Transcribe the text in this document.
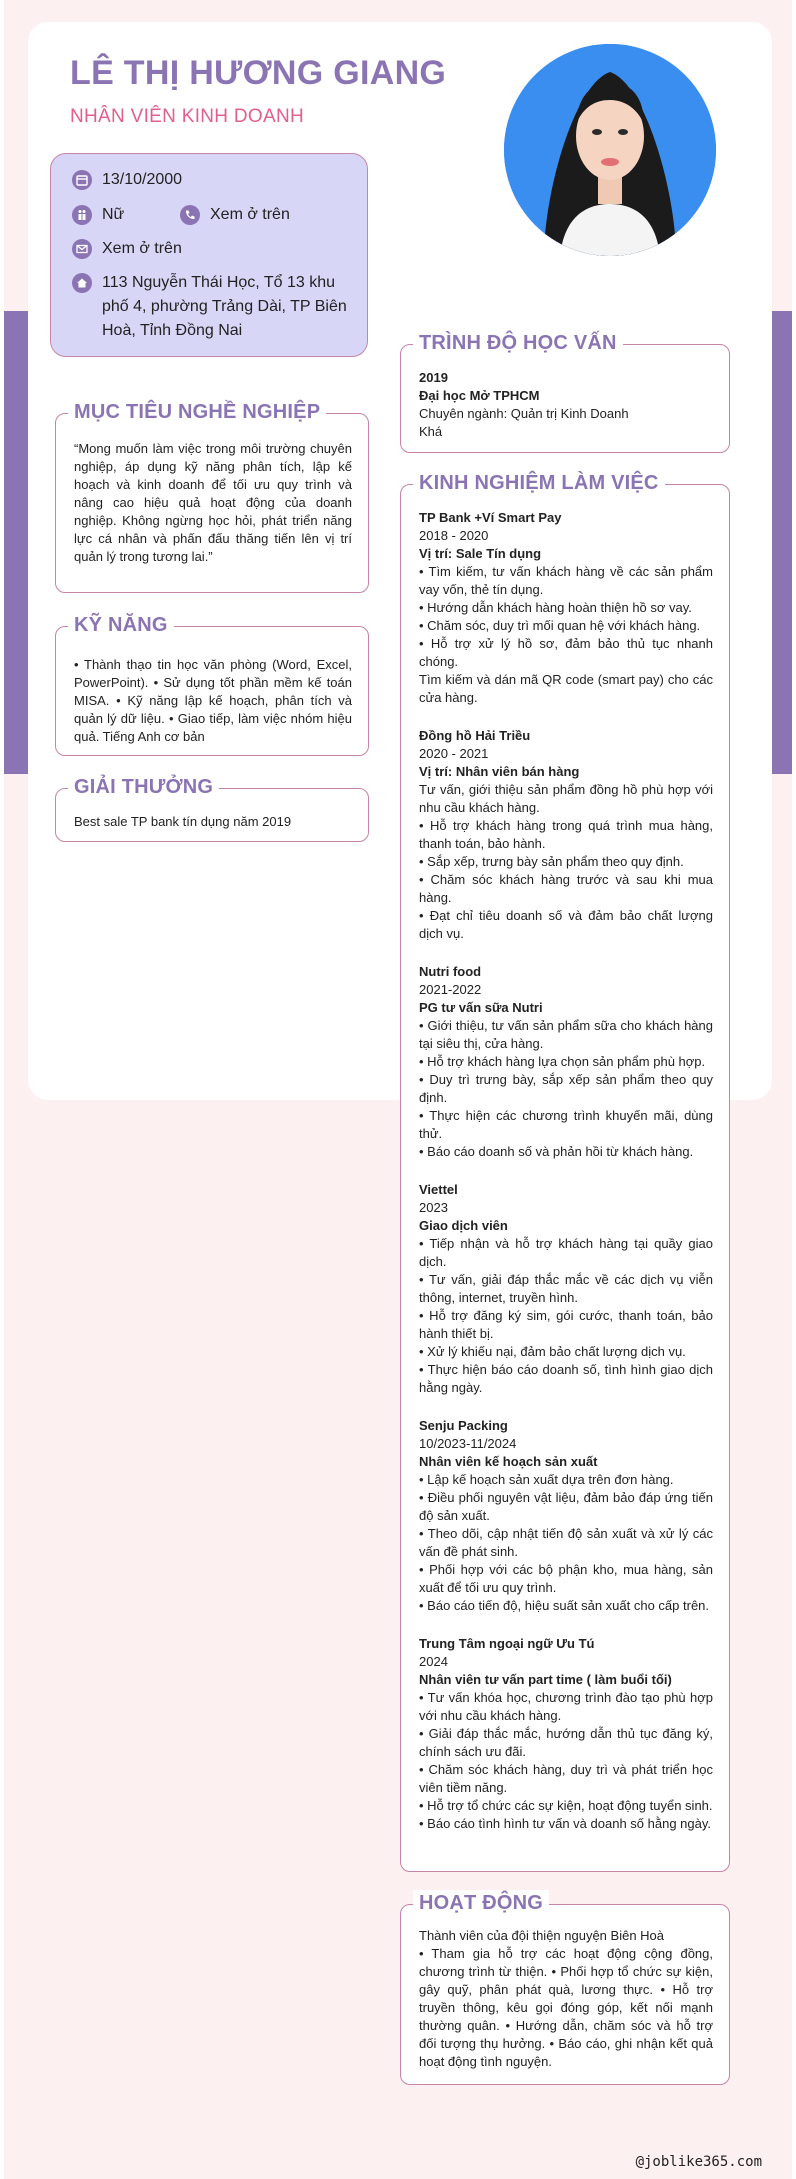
LÊ THỊ HƯƠNG GIANG
NHÂN VIÊN KINH DOANH
13/10/2000
Nữ	Xem ở trên
Xem ở trên
113 Nguyễn Thái Học, Tổ 13 khu phố 4, phường Trảng Dài, TP Biên Hoà, Tỉnh Đồng Nai
MỤC TIÊU NGHỀ NGHIỆP
“Mong muốn làm việc trong môi trường chuyên nghiệp, áp dụng kỹ năng phân tích, lập kế hoạch và kinh doanh để tối ưu quy trình và nâng cao hiệu quả hoạt động của doanh nghiệp. Không ngừng học hỏi, phát triển năng lực cá nhân và phấn đấu thăng tiến lên vị trí quản lý trong tương lai.”
KỸ NĂNG
• Thành thạo tin học văn phòng (Word, Excel, PowerPoint). • Sử dụng tốt phần mềm kế toán MISA. • Kỹ năng lập kế hoạch, phân tích và quản lý dữ liệu. • Giao tiếp, làm việc nhóm hiệu quả. Tiếng Anh cơ bản
GIẢI THƯỞNG
Best sale TP bank tín dụng năm 2019
TRÌNH ĐỘ HỌC VẤN
2019
Đại học Mở TPHCM
Chuyên ngành: Quản trị Kinh Doanh
Khá
KINH NGHIỆM LÀM VIỆC
TP Bank +Ví Smart Pay
2018 - 2020
Vị trí: Sale Tín dụng

• Tìm kiếm, tư vấn khách hàng về các sản phẩm vay vốn, thẻ tín dụng.

• Hướng dẫn khách hàng hoàn thiện hồ sơ vay.

• Chăm sóc, duy trì mối quan hệ với khách hàng.

• Hỗ trợ xử lý hồ sơ, đảm bảo thủ tục nhanh chóng.

Tìm kiếm và dán mã QR code (smart pay) cho các cửa hàng.

Đồng hồ Hải Triều
2020 - 2021
Vị trí: Nhân viên bán hàng

Tư vấn, giới thiệu sản phẩm đồng hồ phù hợp với nhu cầu khách hàng.

• Hỗ trợ khách hàng trong quá trình mua hàng, thanh toán, bảo hành.

• Sắp xếp, trưng bày sản phẩm theo quy định.

• Chăm sóc khách hàng trước và sau khi mua hàng.

• Đạt chỉ tiêu doanh số và đảm bảo chất lượng dịch vụ.

Nutri food
2021-2022
PG tư vấn sữa Nutri

• Giới thiệu, tư vấn sản phẩm sữa cho khách hàng tại siêu thị, cửa hàng.

• Hỗ trợ khách hàng lựa chọn sản phẩm phù hợp.

• Duy trì trưng bày, sắp xếp sản phẩm theo quy định.

• Thực hiện các chương trình khuyến mãi, dùng thử.

• Báo cáo doanh số và phản hồi từ khách hàng.

Viettel
2023
Giao dịch viên

• Tiếp nhận và hỗ trợ khách hàng tại quầy giao dịch.

• Tư vấn, giải đáp thắc mắc về các dịch vụ viễn thông, internet, truyền hình.

• Hỗ trợ đăng ký sim, gói cước, thanh toán, bảo hành thiết bị.

• Xử lý khiếu nại, đảm bảo chất lượng dịch vụ.

• Thực hiện báo cáo doanh số, tình hình giao dịch hằng ngày.

Senju Packing
10/2023-11/2024
Nhân viên kế hoạch sản xuất

• Lập kế hoạch sản xuất dựa trên đơn hàng.

• Điều phối nguyên vật liệu, đảm bảo đáp ứng tiến độ sản xuất.

• Theo dõi, cập nhật tiến độ sản xuất và xử lý các vấn đề phát sinh.

• Phối hợp với các bộ phận kho, mua hàng, sản xuất để tối ưu quy trình.

• Báo cáo tiến độ, hiệu suất sản xuất cho cấp trên.

Trung Tâm ngoại ngữ Ưu Tú
2024
Nhân viên tư vấn part time ( làm buổi tối)

• Tư vấn khóa học, chương trình đào tạo phù hợp với nhu cầu khách hàng.

• Giải đáp thắc mắc, hướng dẫn thủ tục đăng ký, chính sách ưu đãi.

• Chăm sóc khách hàng, duy trì và phát triển học viên tiềm năng.

• Hỗ trợ tổ chức các sự kiện, hoạt động tuyển sinh.

• Báo cáo tình hình tư vấn và doanh số hằng ngày.

HOẠT ĐỘNG
Thành viên của đội thiện nguyện Biên Hoà
• Tham gia hỗ trợ các hoạt động cộng đồng, chương trình từ thiện. • Phối hợp tổ chức sự kiện, gây quỹ, phân phát quà, lương thực. • Hỗ trợ truyền thông, kêu gọi đóng góp, kết nối mạnh thường quân. • Hướng dẫn, chăm sóc và hỗ trợ đối tượng thụ hưởng. • Báo cáo, ghi nhận kết quả hoạt động tình nguyện.
@joblike365.com
